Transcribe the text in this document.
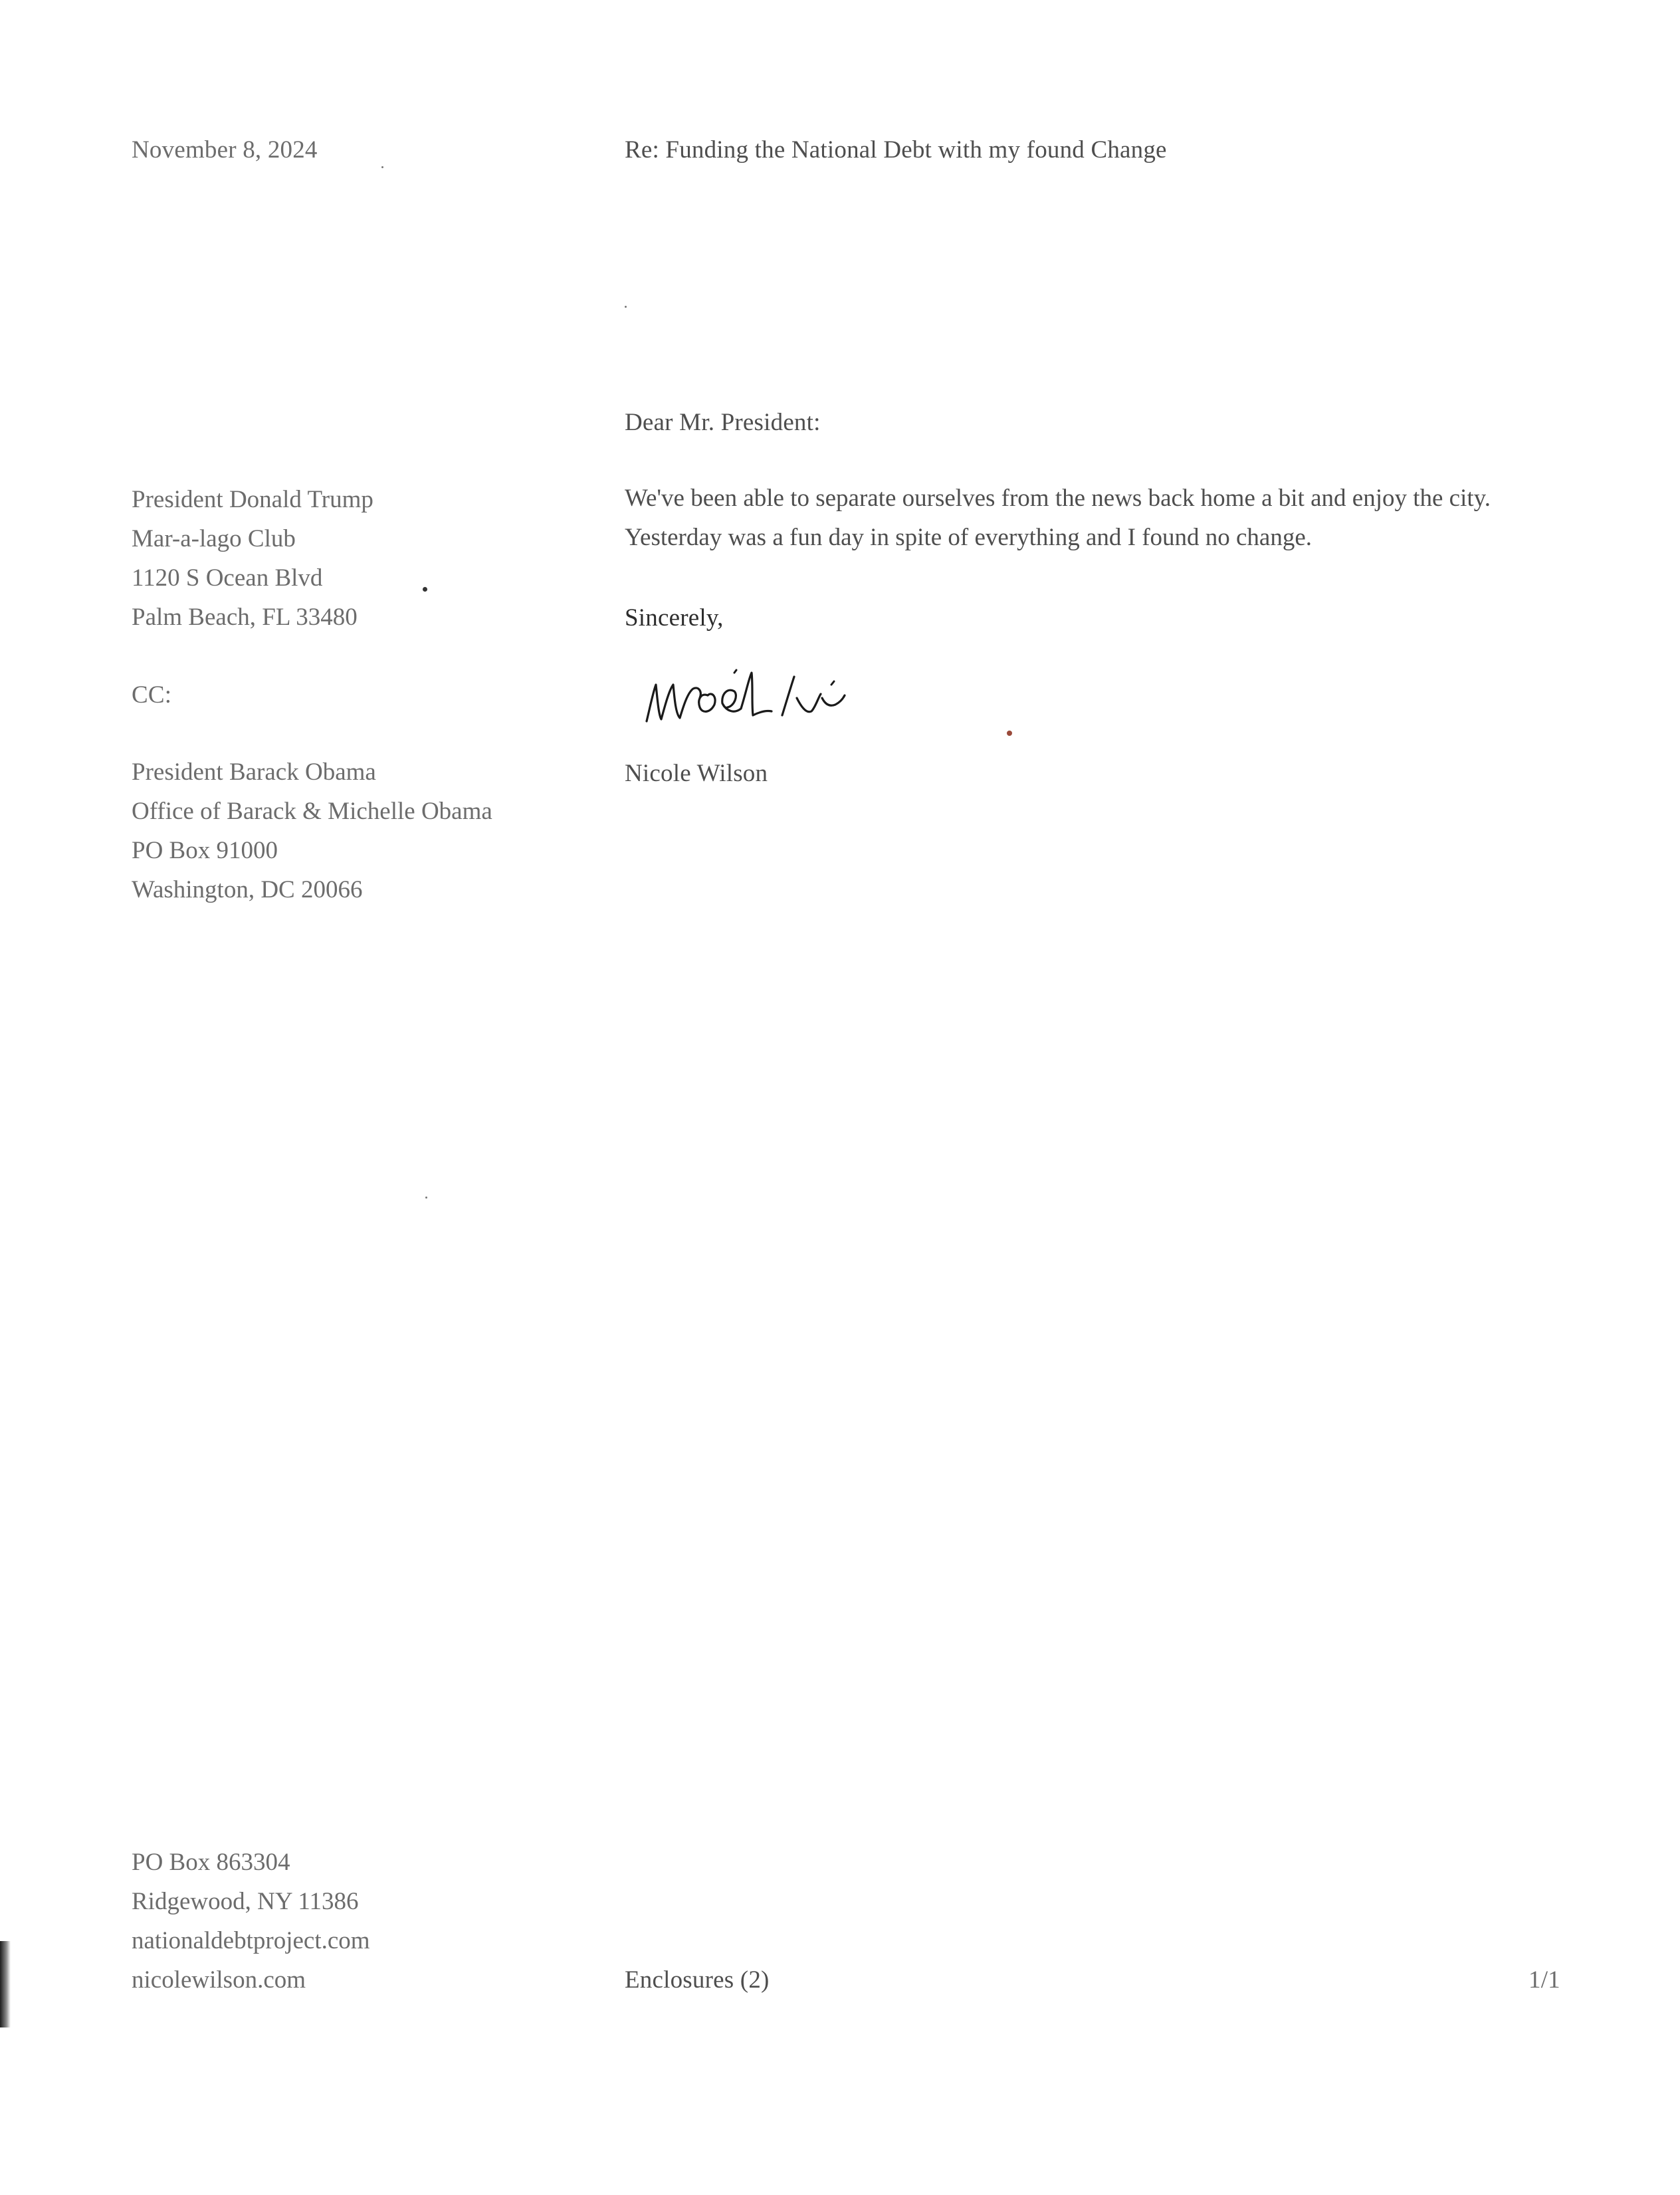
November 8, 2024	Re: Funding the National Debt with my found Change
Dear Mr. President:
President Donald Trump
Mar-a-lago Club
1120 S Ocean Blvd
Palm Beach, FL 33480
We've been able to separate ourselves from the news back home a bit and enjoy the city. Yesterday was a fun day in spite of everything and I found no change.
Sincerely,
Nicole Wilson
CC:
President Barack Obama
Office of Barack & Michelle Obama
PO Box 91000
Washington, DC 20066
PO Box 863304
Ridgewood, NY 11386
nationaldebtproject.com
nicolewilson.com	Enclosures (2)	1/1
